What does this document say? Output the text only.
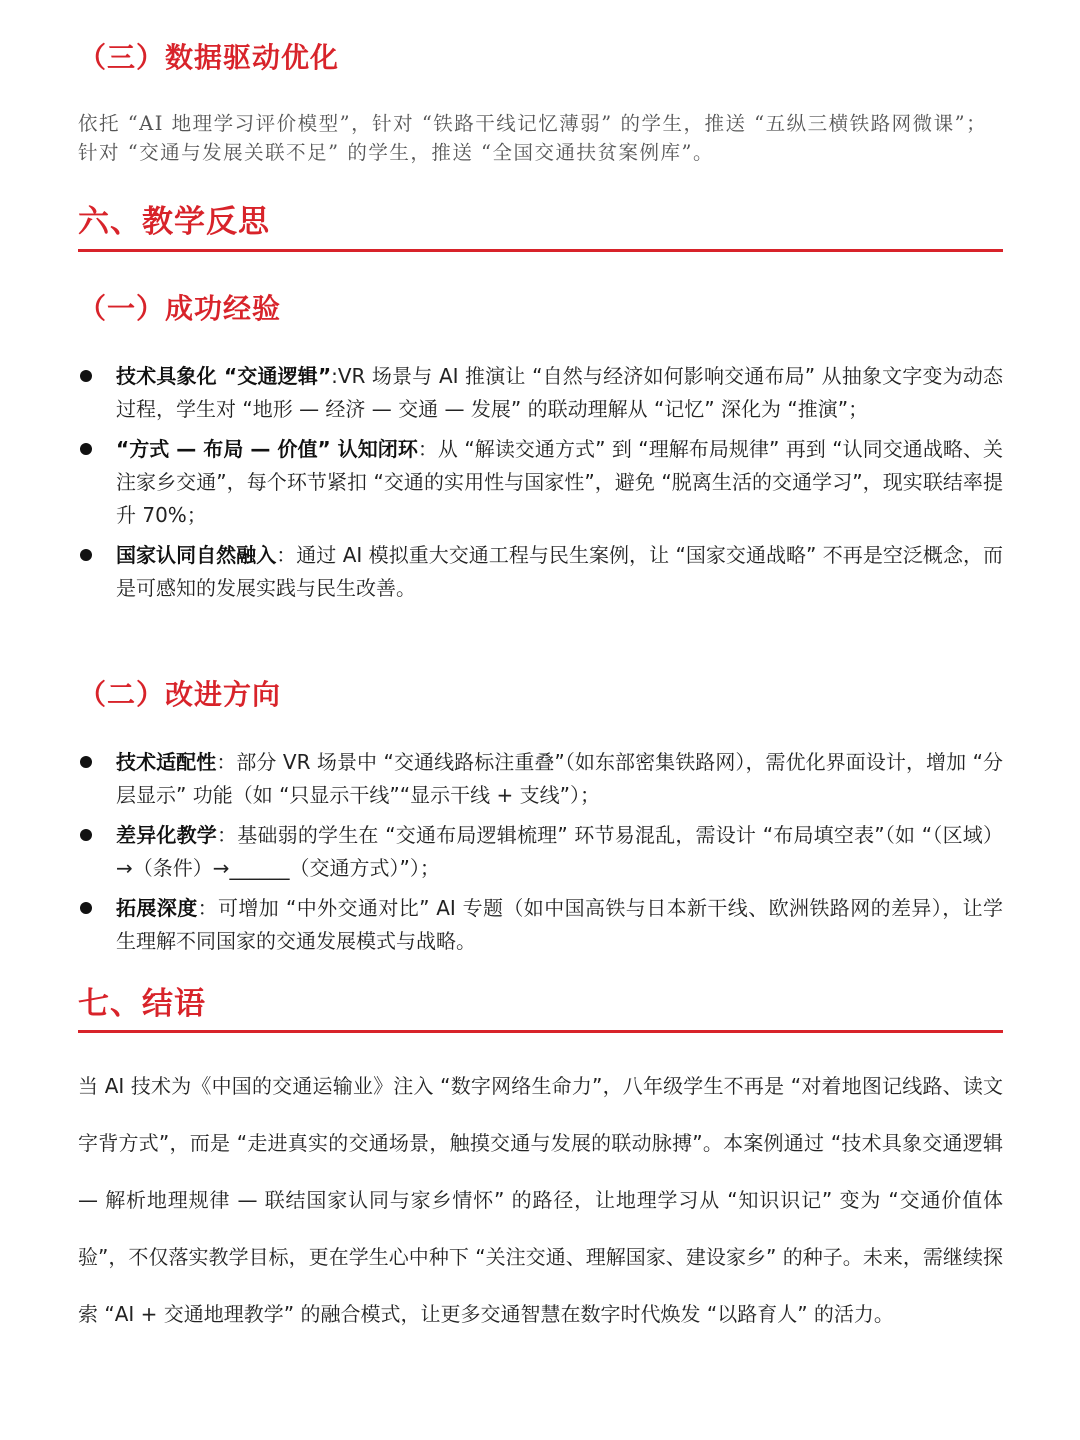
（三）数据驱动优化

依托 “AI 地理学习评价模型”，针对 “铁路干线记忆薄弱” 的学生，推送 “五纵三横铁路网微课”；针对 “交通与发展关联不足” 的学生，推送 “全国交通扶贫案例库”。

六、教学反思
（一）成功经验
技术具象化 “交通逻辑”:VR 场景与 AI 推演让 “自然与经济如何影响交通布局” 从抽象文字变为动态过程，学生对 “地形 — 经济 — 交通 — 发展” 的联动理解从 “记忆” 深化为 “推演”；
“方式 — 布局 — 价值” 认知闭环：从 “解读交通方式” 到 “理解布局规律” 再到 “认同交通战略、关注家乡交通”，每个环节紧扣 “交通的实用性与国家性”，避免 “脱离生活的交通学习”，现实联结率提升 70%；
国家认同自然融入：通过 AI 模拟重大交通工程与民生案例，让 “国家交通战略” 不再是空泛概念，而是可感知的发展实践与民生改善。
（二）改进方向
技术适配性：部分 VR 场景中 “交通线路标注重叠”（如东部密集铁路网），需优化界面设计，增加 “分层显示” 功能（如 “只显示干线”“显示干线 + 支线”）；
差异化教学：基础弱的学生在 “交通布局逻辑梳理” 环节易混乱，需设计 “布局填空表”（如 “（区域）→（条件）→______（交通方式）”）；
拓展深度：可增加 “中外交通对比” AI 专题（如中国高铁与日本新干线、欧洲铁路网的差异），让学生理解不同国家的交通发展模式与战略。
七、结语

当 AI 技术为《中国的交通运输业》注入 “数字网络生命力”，八年级学生不再是 “对着地图记线路、读文字背方式”，而是 “走进真实的交通场景，触摸交通与发展的联动脉搏”。本案例通过 “技术具象交通逻辑 — 解析地理规律 — 联结国家认同与家乡情怀” 的路径，让地理学习从 “知识识记” 变为 “交通价值体验”，不仅落实教学目标，更在学生心中种下 “关注交通、理解国家、建设家乡” 的种子。未来，需继续探索 “AI + 交通地理教学” 的融合模式，让更多交通智慧在数字时代焕发 “以路育人” 的活力。
